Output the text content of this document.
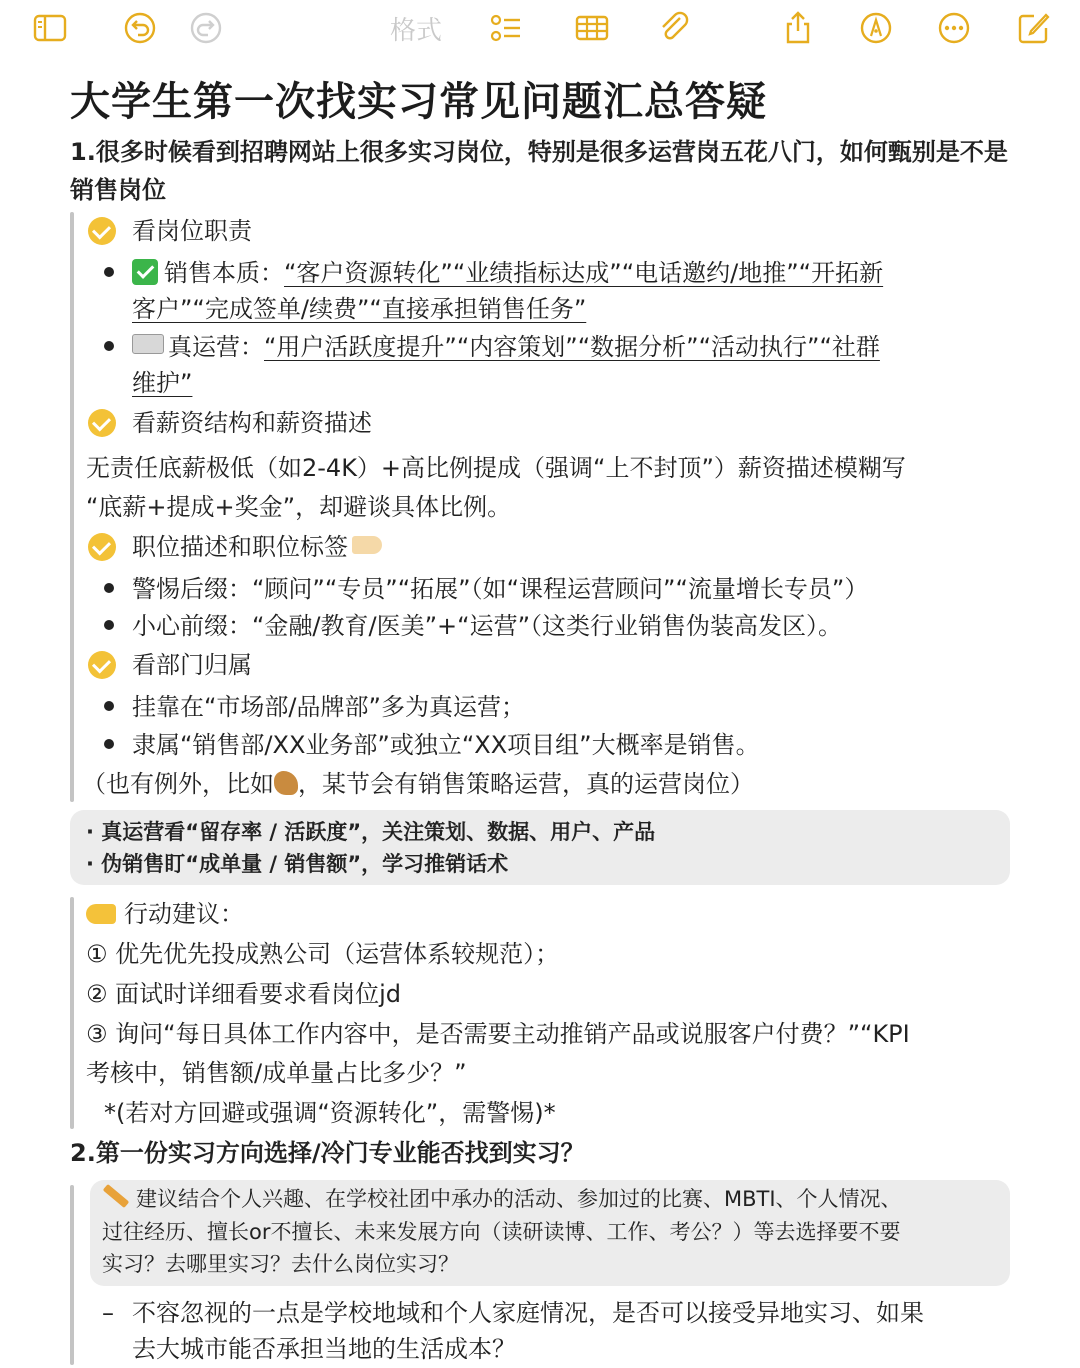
格式
大学生第一次找实习常见问题汇总答疑
1.很多时候看到招聘网站上很多实习岗位，特别是很多运营岗五花八门，如何甄别是不是销售岗位
看岗位职责
销售本质：“客户资源转化”“业绩指标达成”“电话邀约/地推”“开拓新
客户”“完成签单/续费”“直接承担销售任务”
真运营：“用户活跃度提升”“内容策划”“数据分析”“活动执行”“社群
维护”
看薪资结构和薪资描述
无责任底薪极低（如2-4K）+高比例提成（强调“上不封顶”）薪资描述模糊写
“底薪+提成+奖金”，却避谈具体比例。
职位描述和职位标签
警惕后缀：“顾问”“专员”“拓展”（如“课程运营顾问”“流量增长专员”）
小心前缀：“金融/教育/医美”+“运营”（这类行业销售伪装高发区）。
看部门归属
挂靠在“市场部/品牌部”多为真运营；
隶属“销售部/XX业务部”或独立“XX项目组”大概率是销售。
（也有例外，比如 ，某节会有销售策略运营，真的运营岗位）
· 真运营看“留存率 / 活跃度”，关注策划、数据、用户、产品
· 伪销售盯“成单量 / 销售额”，学习推销话术
行动建议：
① 优先优先投成熟公司（运营体系较规范）；
② 面试时详细看要求看岗位jd
③ 询问“每日具体工作内容中，是否需要主动推销产品或说服客户付费？”“KPI
考核中，销售额/成单量占比多少？”
*(若对方回避或强调“资源转化”，需警惕)*
2.第一份实习方向选择/冷门专业能否找到实习？
建议结合个人兴趣、在学校社团中承办的活动、参加过的比赛、MBTI、个人情况、
过往经历、擅长or不擅长、未来发展方向（读研读博、工作、考公？）等去选择要不要
实习？去哪里实习？去什么岗位实习？
– 不容忽视的一点是学校地域和个人家庭情况，是否可以接受异地实习、如果
去大城市能否承担当地的生活成本？
